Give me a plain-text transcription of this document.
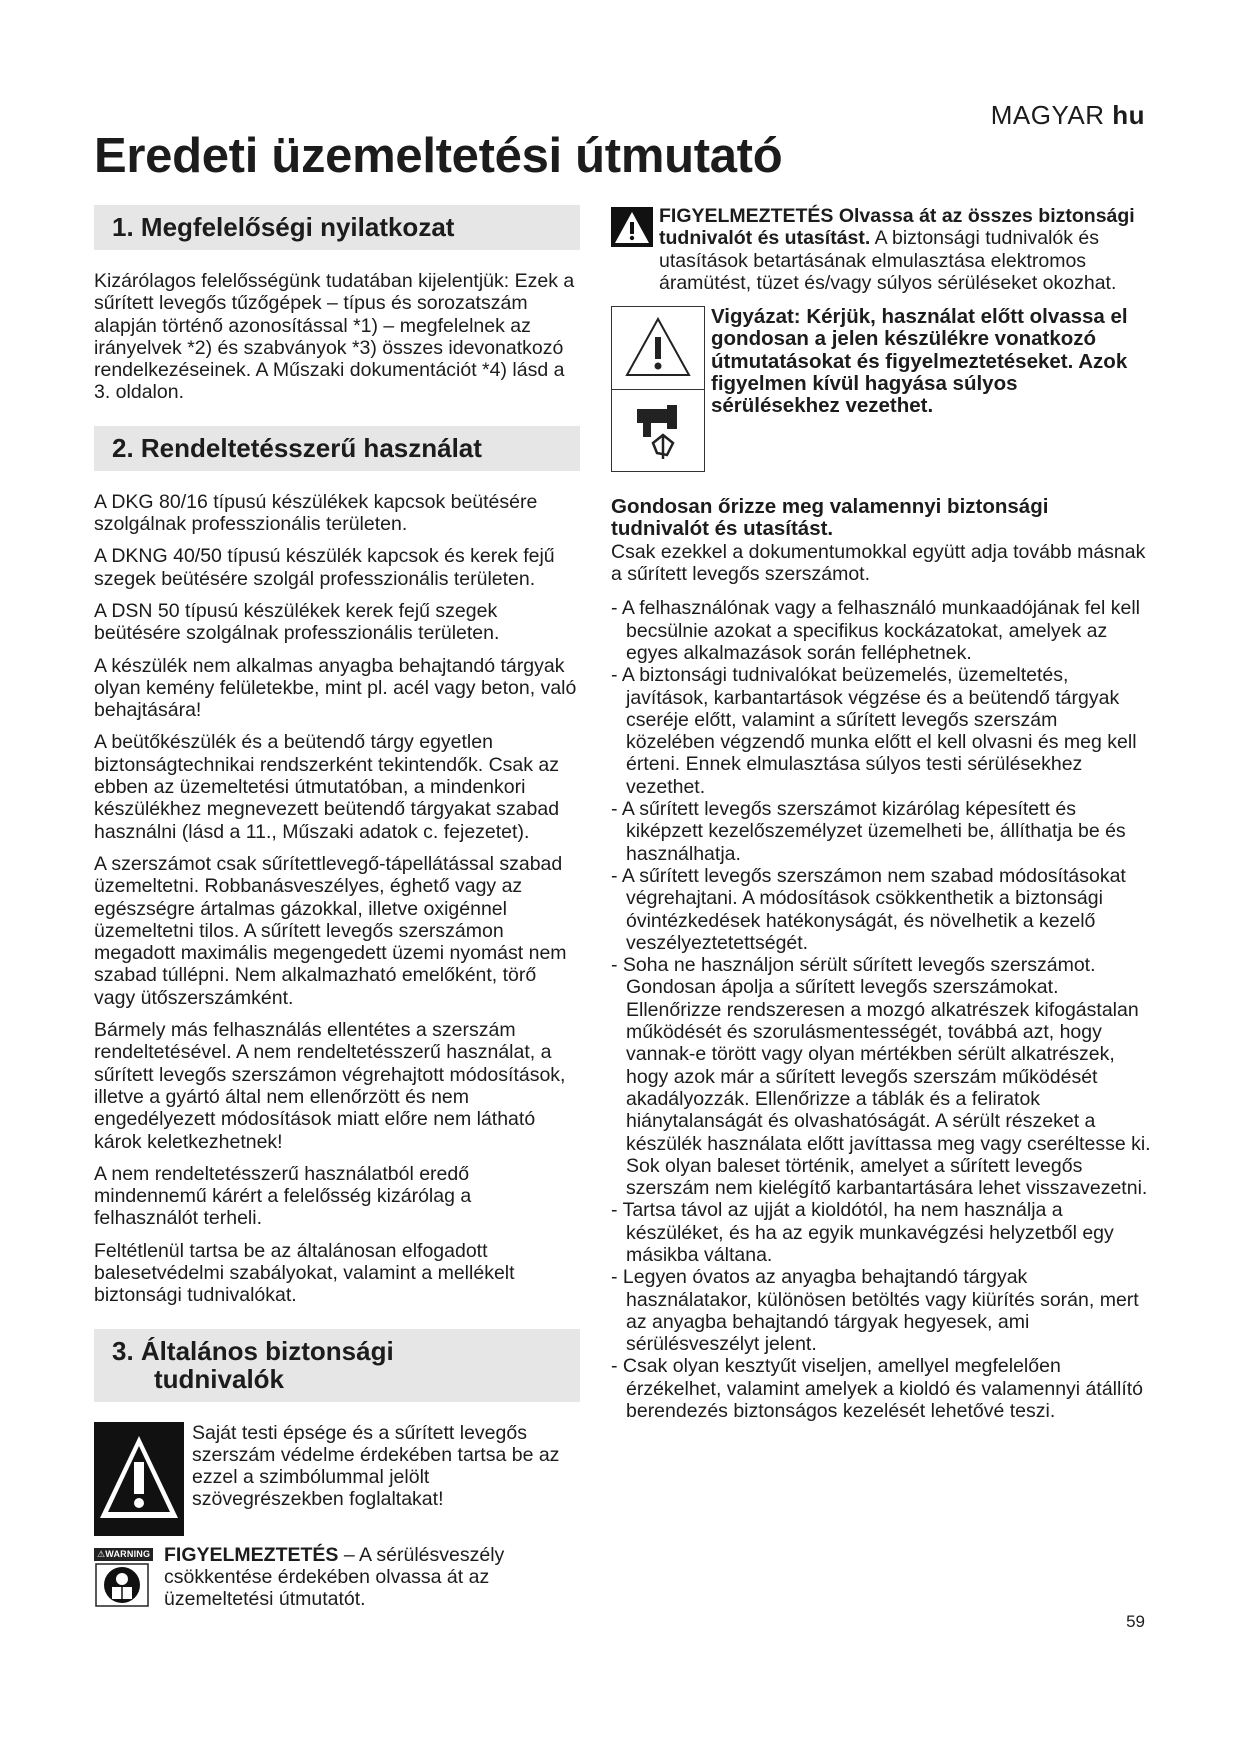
MAGYAR hu
Eredeti üzemeltetési útmutató
1. Megfelelőségi nyilatkozat

Kizárólagos felelősségünk tudatában kijelentjük: Ezek a sűrített levegős tűzőgépek – típus és sorozatszám alapján történő azonosítással *1) – megfelelnek az irányelvek *2) és szabványok *3) összes idevonatkozó rendelkezéseinek. A Műszaki dokumentációt *4) lásd a 3. oldalon.

2. Rendeltetésszerű használat

A DKG 80/16 típusú készülékek kapcsok beütésére szolgálnak professzionális területen.

A DKNG 40/50 típusú készülék kapcsok és kerek fejű szegek beütésére szolgál professzionális területen.

A DSN 50 típusú készülékek kerek fejű szegek beütésére szolgálnak professzionális területen.

A készülék nem alkalmas anyagba behajtandó tárgyak olyan kemény felületekbe, mint pl. acél vagy beton, való behajtására!

A beütőkészülék és a beütendő tárgy egyetlen biztonságtechnikai rendszerként tekintendők. Csak az ebben az üzemeltetési útmutatóban, a mindenkori készülékhez megnevezett beütendő tárgyakat szabad használni (lásd a 11., Műszaki adatok c. fejezetet).

A szerszámot csak sűrítettlevegő-tápellátással szabad üzemeltetni. Robbanásveszélyes, éghető vagy az egészségre ártalmas gázokkal, illetve oxigénnel üzemeltetni tilos. A sűrített levegős szerszámon megadott maximális megengedett üzemi nyomást nem szabad túllépni. Nem alkalmazható emelőként, törő vagy ütőszerszámként.

Bármely más felhasználás ellentétes a szerszám rendeltetésével. A nem rendeltetésszerű használat, a sűrített levegős szerszámon végrehajtott módosítások, illetve a gyártó által nem ellenőrzött és nem engedélyezett módosítások miatt előre nem látható károk keletkezhetnek!

A nem rendeltetésszerű használatból eredő mindennemű kárért a felelősség kizárólag a felhasználót terheli.

Feltétlenül tartsa be az általánosan elfogadott balesetvédelmi szabályokat, valamint a mellékelt biztonsági tudnivalókat.

3. Általános biztonsági
tudnivalók
Saját testi épsége és a sűrített levegős szerszám védelme érdekében tartsa be az ezzel a szimbólummal jelölt szövegrészekben foglaltakat!
⚠WARNING FIGYELMEZTETÉS – A sérülésveszély csökkentése érdekében olvassa át az üzemeltetési útmutatót.

FIGYELMEZTETÉS Olvassa át az összes biztonsági tudnivalót és utasítást. A biztonsági tudnivalók és utasítások betartásának elmulasztása elektromos áramütést, tüzet és/vagy súlyos sérüléseket okozhat.

Vigyázat: Kérjük, használat előtt olvassa el gondosan a jelen készülékre vonatkozó útmutatásokat és figyelmeztetéseket. Azok figyelmen kívül hagyása súlyos sérülésekhez vezethet.

Gondosan őrizze meg valamennyi biztonsági tudnivalót és utasítást.

Csak ezekkel a dokumentumokkal együtt adja tovább másnak a sűrített levegős szerszámot.

- A felhasználónak vagy a felhasználó munkaadójának fel kell becsülnie azokat a specifikus kockázatokat, amelyek az egyes alkalmazások során felléphetnek.
- A biztonsági tudnivalókat beüzemelés, üzemeltetés, javítások, karbantartások végzése és a beütendő tárgyak cseréje előtt, valamint a sűrített levegős szerszám közelében végzendő munka előtt el kell olvasni és meg kell érteni. Ennek elmulasztása súlyos testi sérülésekhez vezethet.
- A sűrített levegős szerszámot kizárólag képesített és kiképzett kezelőszemélyzet üzemelheti be, állíthatja be és használhatja.
- A sűrített levegős szerszámon nem szabad módosításokat végrehajtani. A módosítások csökkenthetik a biztonsági óvintézkedések hatékonyságát, és növelhetik a kezelő veszélyeztetettségét.
- Soha ne használjon sérült sűrített levegős szerszámot. Gondosan ápolja a sűrített levegős szerszámokat. Ellenőrizze rendszeresen a mozgó alkatrészek kifogástalan működését és szorulásmentességét, továbbá azt, hogy vannak-e törött vagy olyan mértékben sérült alkatrészek, hogy azok már a sűrített levegős szerszám működését akadályozzák. Ellenőrizze a táblák és a feliratok hiánytalanságát és olvashatóságát. A sérült részeket a készülék használata előtt javíttassa meg vagy cseréltesse ki. Sok olyan baleset történik, amelyet a sűrített levegős szerszám nem kielégítő karbantartására lehet visszavezetni.
- Tartsa távol az ujját a kioldótól, ha nem használja a készüléket, és ha az egyik munkavégzési helyzetből egy másikba váltana.
- Legyen óvatos az anyagba behajtandó tárgyak használatakor, különösen betöltés vagy kiürítés során, mert az anyagba behajtandó tárgyak hegyesek, ami sérülésveszélyt jelent.
- Csak olyan kesztyűt viseljen, amellyel megfelelően érzékelhet, valamint amelyek a kioldó és valamennyi átállító berendezés biztonságos kezelését lehetővé teszi.
59
